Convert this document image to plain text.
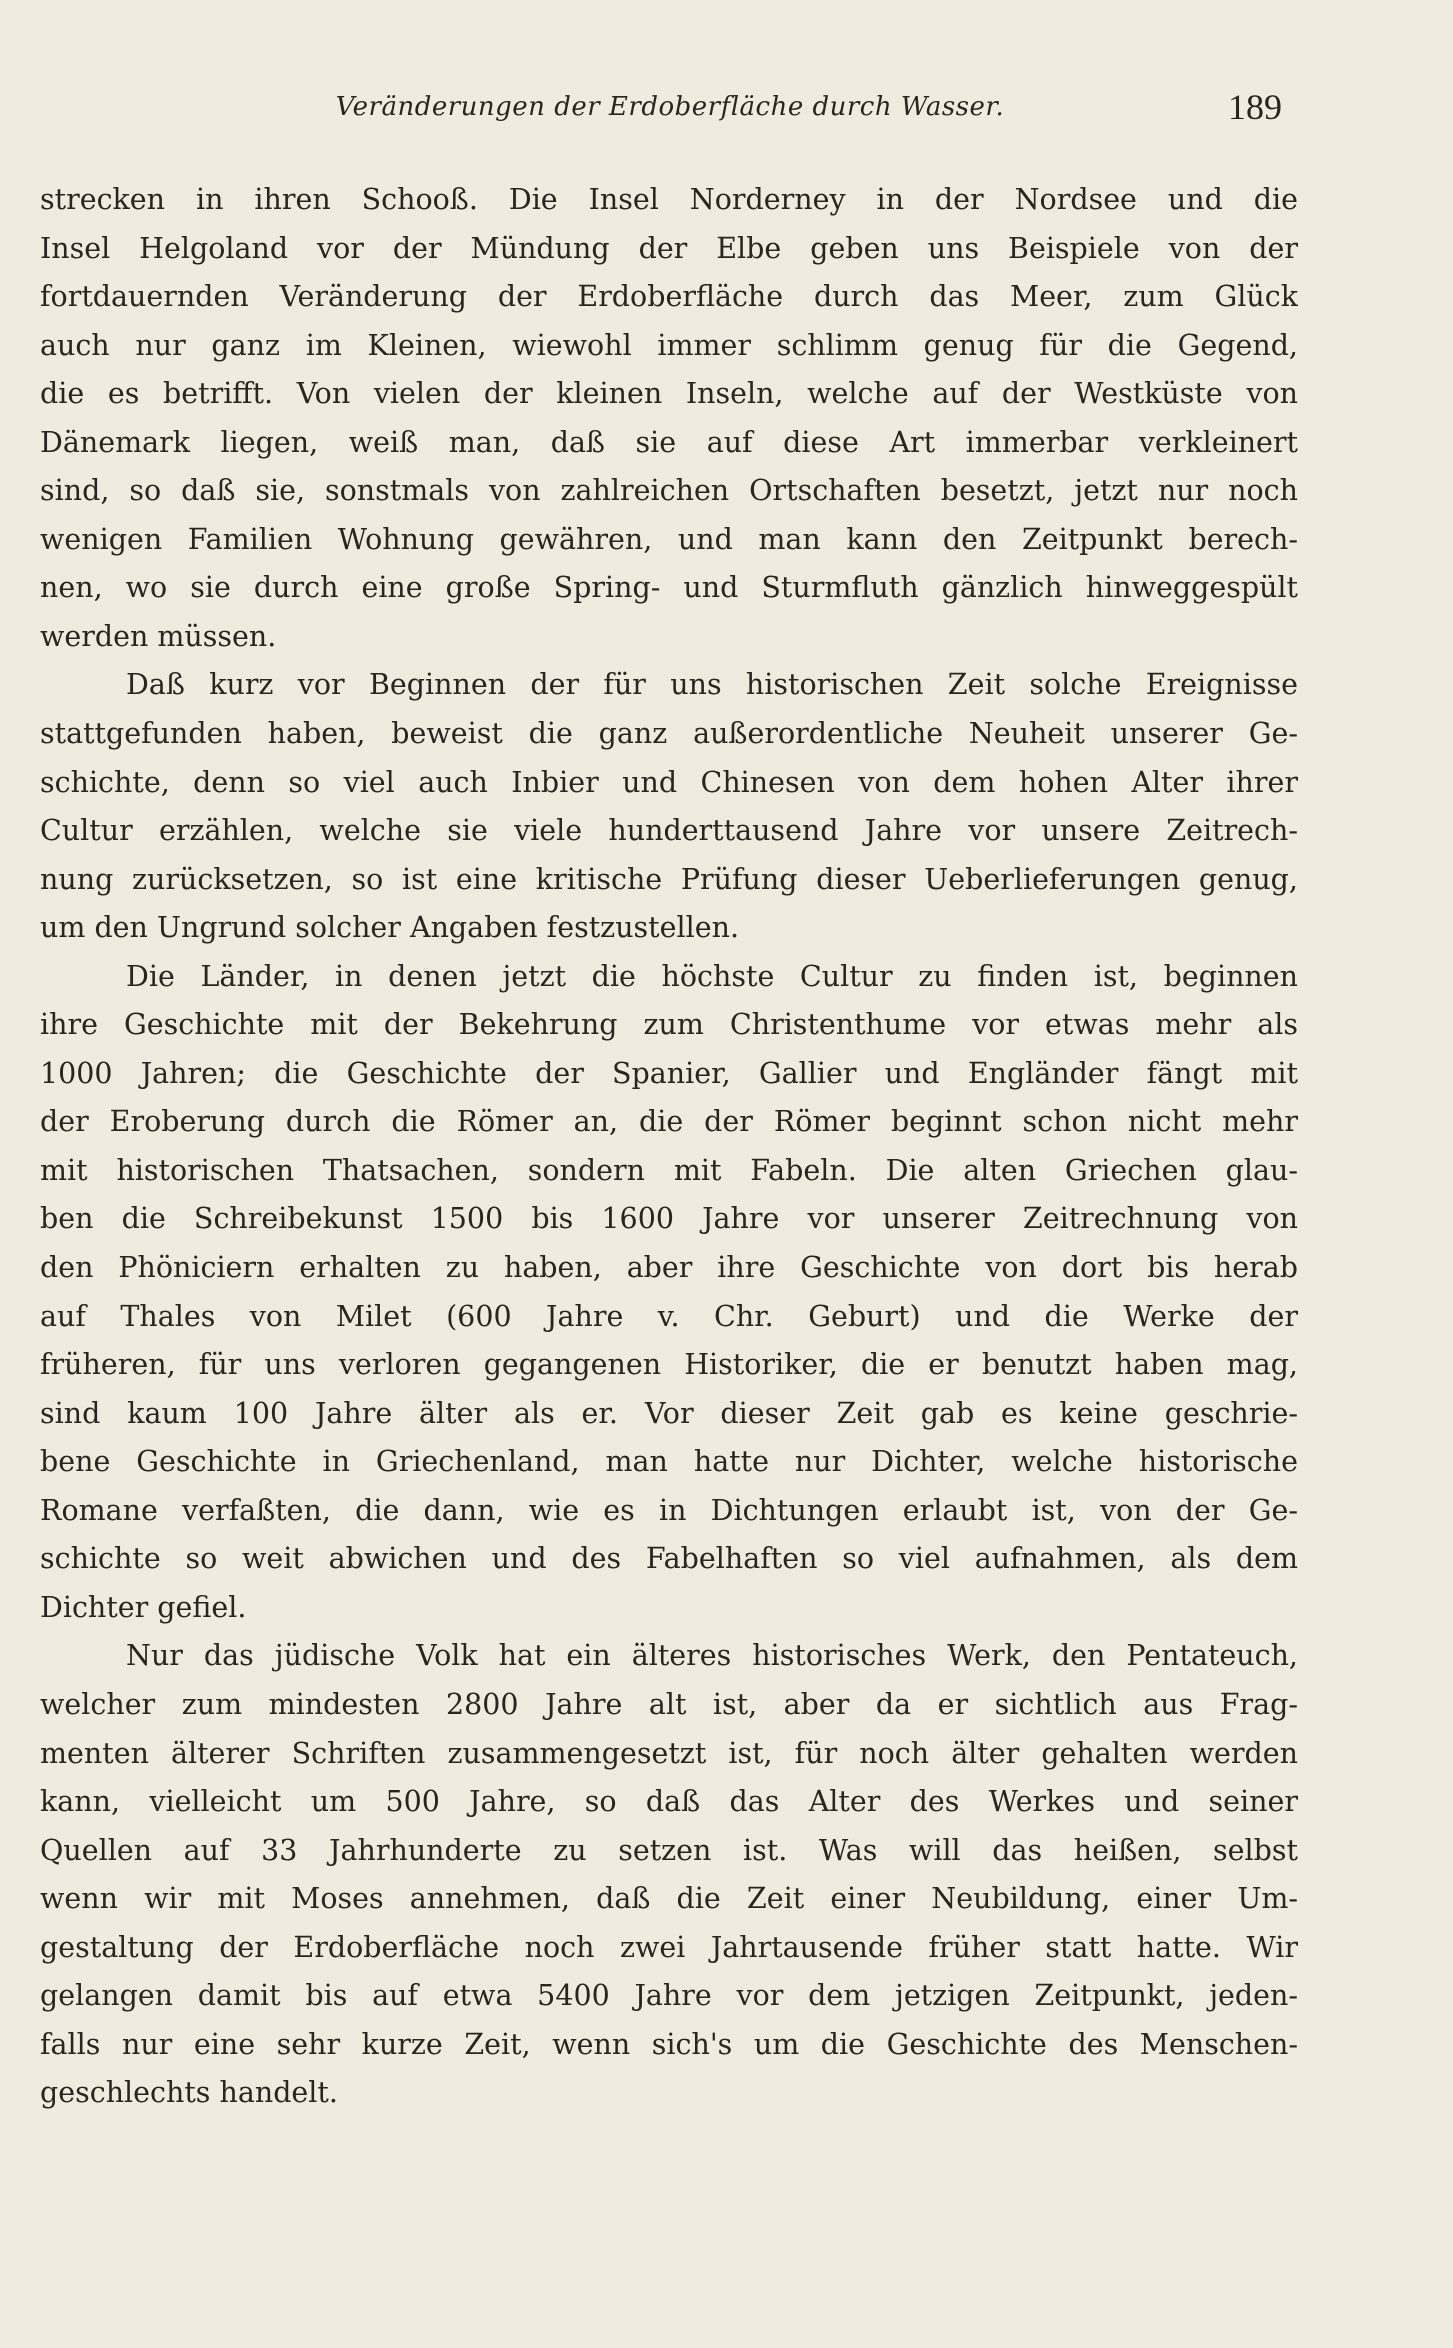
Veränderungen der Erdoberfläche durch Wasser.	189
strecken in ihren Schooß. Die Insel Norderney in der Nordsee und die
Insel Helgoland vor der Mündung der Elbe geben uns Beispiele von der
fortdauernden Veränderung der Erdoberfläche durch das Meer, zum Glück
auch nur ganz im Kleinen, wiewohl immer schlimm genug für die Gegend,
die es betrifft. Von vielen der kleinen Inseln, welche auf der Westküste von
Dänemark liegen, weiß man, daß sie auf diese Art immerbar verkleinert
sind, so daß sie, sonstmals von zahlreichen Ortschaften besetzt, jetzt nur noch
wenigen Familien Wohnung gewähren, und man kann den Zeitpunkt berech-
nen, wo sie durch eine große Spring- und Sturmfluth gänzlich hinweggespült
werden müssen.
Daß kurz vor Beginnen der für uns historischen Zeit solche Ereignisse
stattgefunden haben, beweist die ganz außerordentliche Neuheit unserer Ge-
schichte, denn so viel auch Inbier und Chinesen von dem hohen Alter ihrer
Cultur erzählen, welche sie viele hunderttausend Jahre vor unsere Zeitrech-
nung zurücksetzen, so ist eine kritische Prüfung dieser Ueberlieferungen genug,
um den Ungrund solcher Angaben festzustellen.
Die Länder, in denen jetzt die höchste Cultur zu finden ist, beginnen
ihre Geschichte mit der Bekehrung zum Christenthume vor etwas mehr als
1000 Jahren; die Geschichte der Spanier, Gallier und Engländer fängt mit
der Eroberung durch die Römer an, die der Römer beginnt schon nicht mehr
mit historischen Thatsachen, sondern mit Fabeln. Die alten Griechen glau-
ben die Schreibekunst 1500 bis 1600 Jahre vor unserer Zeitrechnung von
den Phöniciern erhalten zu haben, aber ihre Geschichte von dort bis herab
auf Thales von Milet (600 Jahre v. Chr. Geburt) und die Werke der
früheren, für uns verloren gegangenen Historiker, die er benutzt haben mag,
sind kaum 100 Jahre älter als er. Vor dieser Zeit gab es keine geschrie-
bene Geschichte in Griechenland, man hatte nur Dichter, welche historische
Romane verfaßten, die dann, wie es in Dichtungen erlaubt ist, von der Ge-
schichte so weit abwichen und des Fabelhaften so viel aufnahmen, als dem
Dichter gefiel.
Nur das jüdische Volk hat ein älteres historisches Werk, den Pentateuch,
welcher zum mindesten 2800 Jahre alt ist, aber da er sichtlich aus Frag-
menten älterer Schriften zusammengesetzt ist, für noch älter gehalten werden
kann, vielleicht um 500 Jahre, so daß das Alter des Werkes und seiner
Quellen auf 33 Jahrhunderte zu setzen ist. Was will das heißen, selbst
wenn wir mit Moses annehmen, daß die Zeit einer Neubildung, einer Um-
gestaltung der Erdoberfläche noch zwei Jahrtausende früher statt hatte. Wir
gelangen damit bis auf etwa 5400 Jahre vor dem jetzigen Zeitpunkt, jeden-
falls nur eine sehr kurze Zeit, wenn sich's um die Geschichte des Menschen-
geschlechts handelt.
